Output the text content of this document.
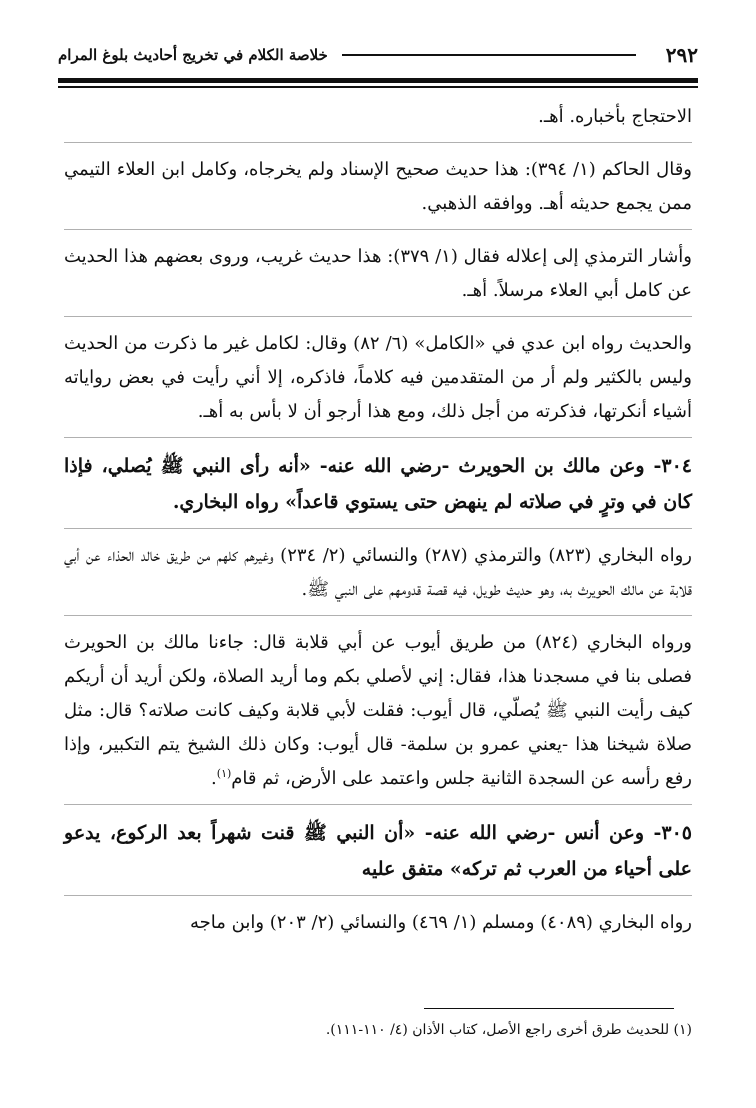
٢٩٢
خلاصة الكلام في تخريج أحاديث بلوغ المرام

الاحتجاج بأخباره. أهـ.

وقال الحاكم (١/ ٣٩٤): هذا حديث صحيح الإسناد ولم يخرجاه، وكامل ابن العلاء التيمي ممن يجمع حديثه أهـ. ووافقه الذهبي.

وأشار الترمذي إلى إعلاله فقال (١/ ٣٧٩): هذا حديث غريب، وروى بعضهم هذا الحديث عن كامل أبي العلاء مرسلاً. أهـ.

والحديث رواه ابن عدي في «الكامل» (٦/ ٨٢) وقال: لكامل غير ما ذكرت من الحديث وليس بالكثير ولم أر من المتقدمين فيه كلاماً، فاذكره، إلا أني رأيت في بعض رواياته أشياء أنكرتها، فذكرته من أجل ذلك، ومع هذا أرجو أن لا بأس به أهـ.

٣٠٤- وعن مالك بن الحويرث -رضي الله عنه- «أنه رأى النبي ﷺ يُصلي، فإذا كان في وترٍ في صلاته لم ينهض حتى يستوي قاعداً» رواه البخاري.

رواه البخاري (٨٢٣) والترمذي (٢٨٧) والنسائي (٢/ ٢٣٤) وغيرهم كلهم من طريق خالد الحذاء عن أبي قلابة عن مالك الحويرث به، وهو حديث طويل، فيه قصة قدومهم على النبي ﷺ.

ورواه البخاري (٨٢٤) من طريق أيوب عن أبي قلابة قال: جاءنا مالك بن الحويرث فصلى بنا في مسجدنا هذا، فقال: إني لأصلي بكم وما أريد الصلاة، ولكن أريد أن أريكم كيف رأيت النبي ﷺ يُصلّي، قال أيوب: فقلت لأبي قلابة وكيف كانت صلاته؟ قال: مثل صلاة شيخنا هذا -يعني عمرو بن سلمة- قال أيوب: وكان ذلك الشيخ يتم التكبير، وإذا رفع رأسه عن السجدة الثانية جلس واعتمد على الأرض، ثم قام$^{(١)}$.

٣٠٥- وعن أنس -رضي الله عنه- «أن النبي ﷺ قنت شهراً بعد الركوع، يدعو على أحياء من العرب ثم تركه» متفق عليه

رواه البخاري (٤٠٨٩) ومسلم (١/ ٤٦٩) والنسائي (٢/ ٢٠٣) وابن ماجه

(١) للحديث طرق أخرى راجع الأصل، كتاب الأذان (٤/ ١١٠-١١١).
